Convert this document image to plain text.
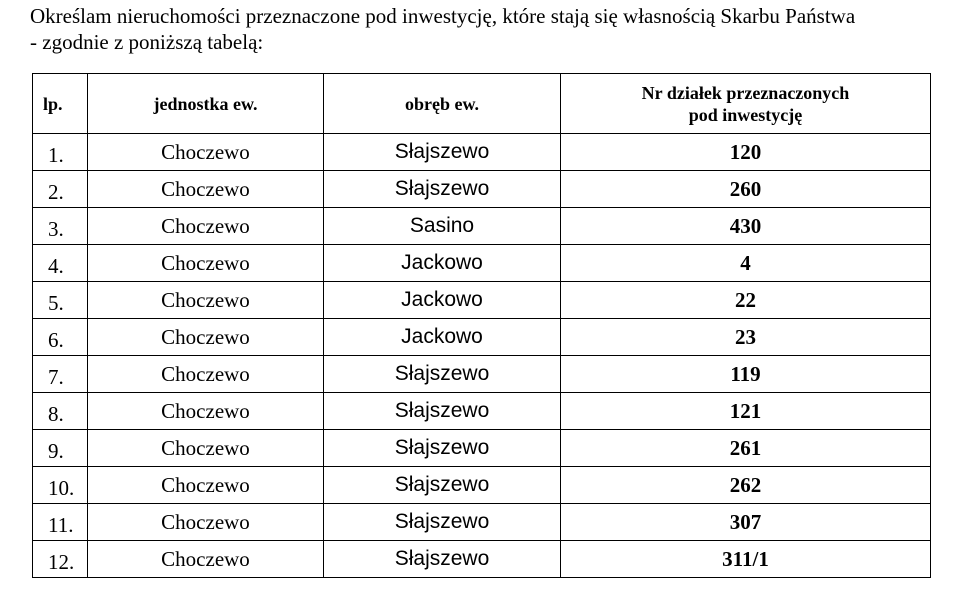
Określam nieruchomości przeznaczone pod inwestycję, które stają się własnością Skarbu Państwa
- zgodnie z poniższą tabelą:

lp.	jednostka ew.	obręb ew.	Nr działek przeznaczonych
pod inwestycję

1.	Choczewo	Słajszewo	120
2.	Choczewo	Słajszewo	260
3.	Choczewo	Sasino	430
4.	Choczewo	Jackowo	4
5.	Choczewo	Jackowo	22
6.	Choczewo	Jackowo	23
7.	Choczewo	Słajszewo	119
8.	Choczewo	Słajszewo	121
9.	Choczewo	Słajszewo	261
10.	Choczewo	Słajszewo	262
11.	Choczewo	Słajszewo	307
12.	Choczewo	Słajszewo	311/1
